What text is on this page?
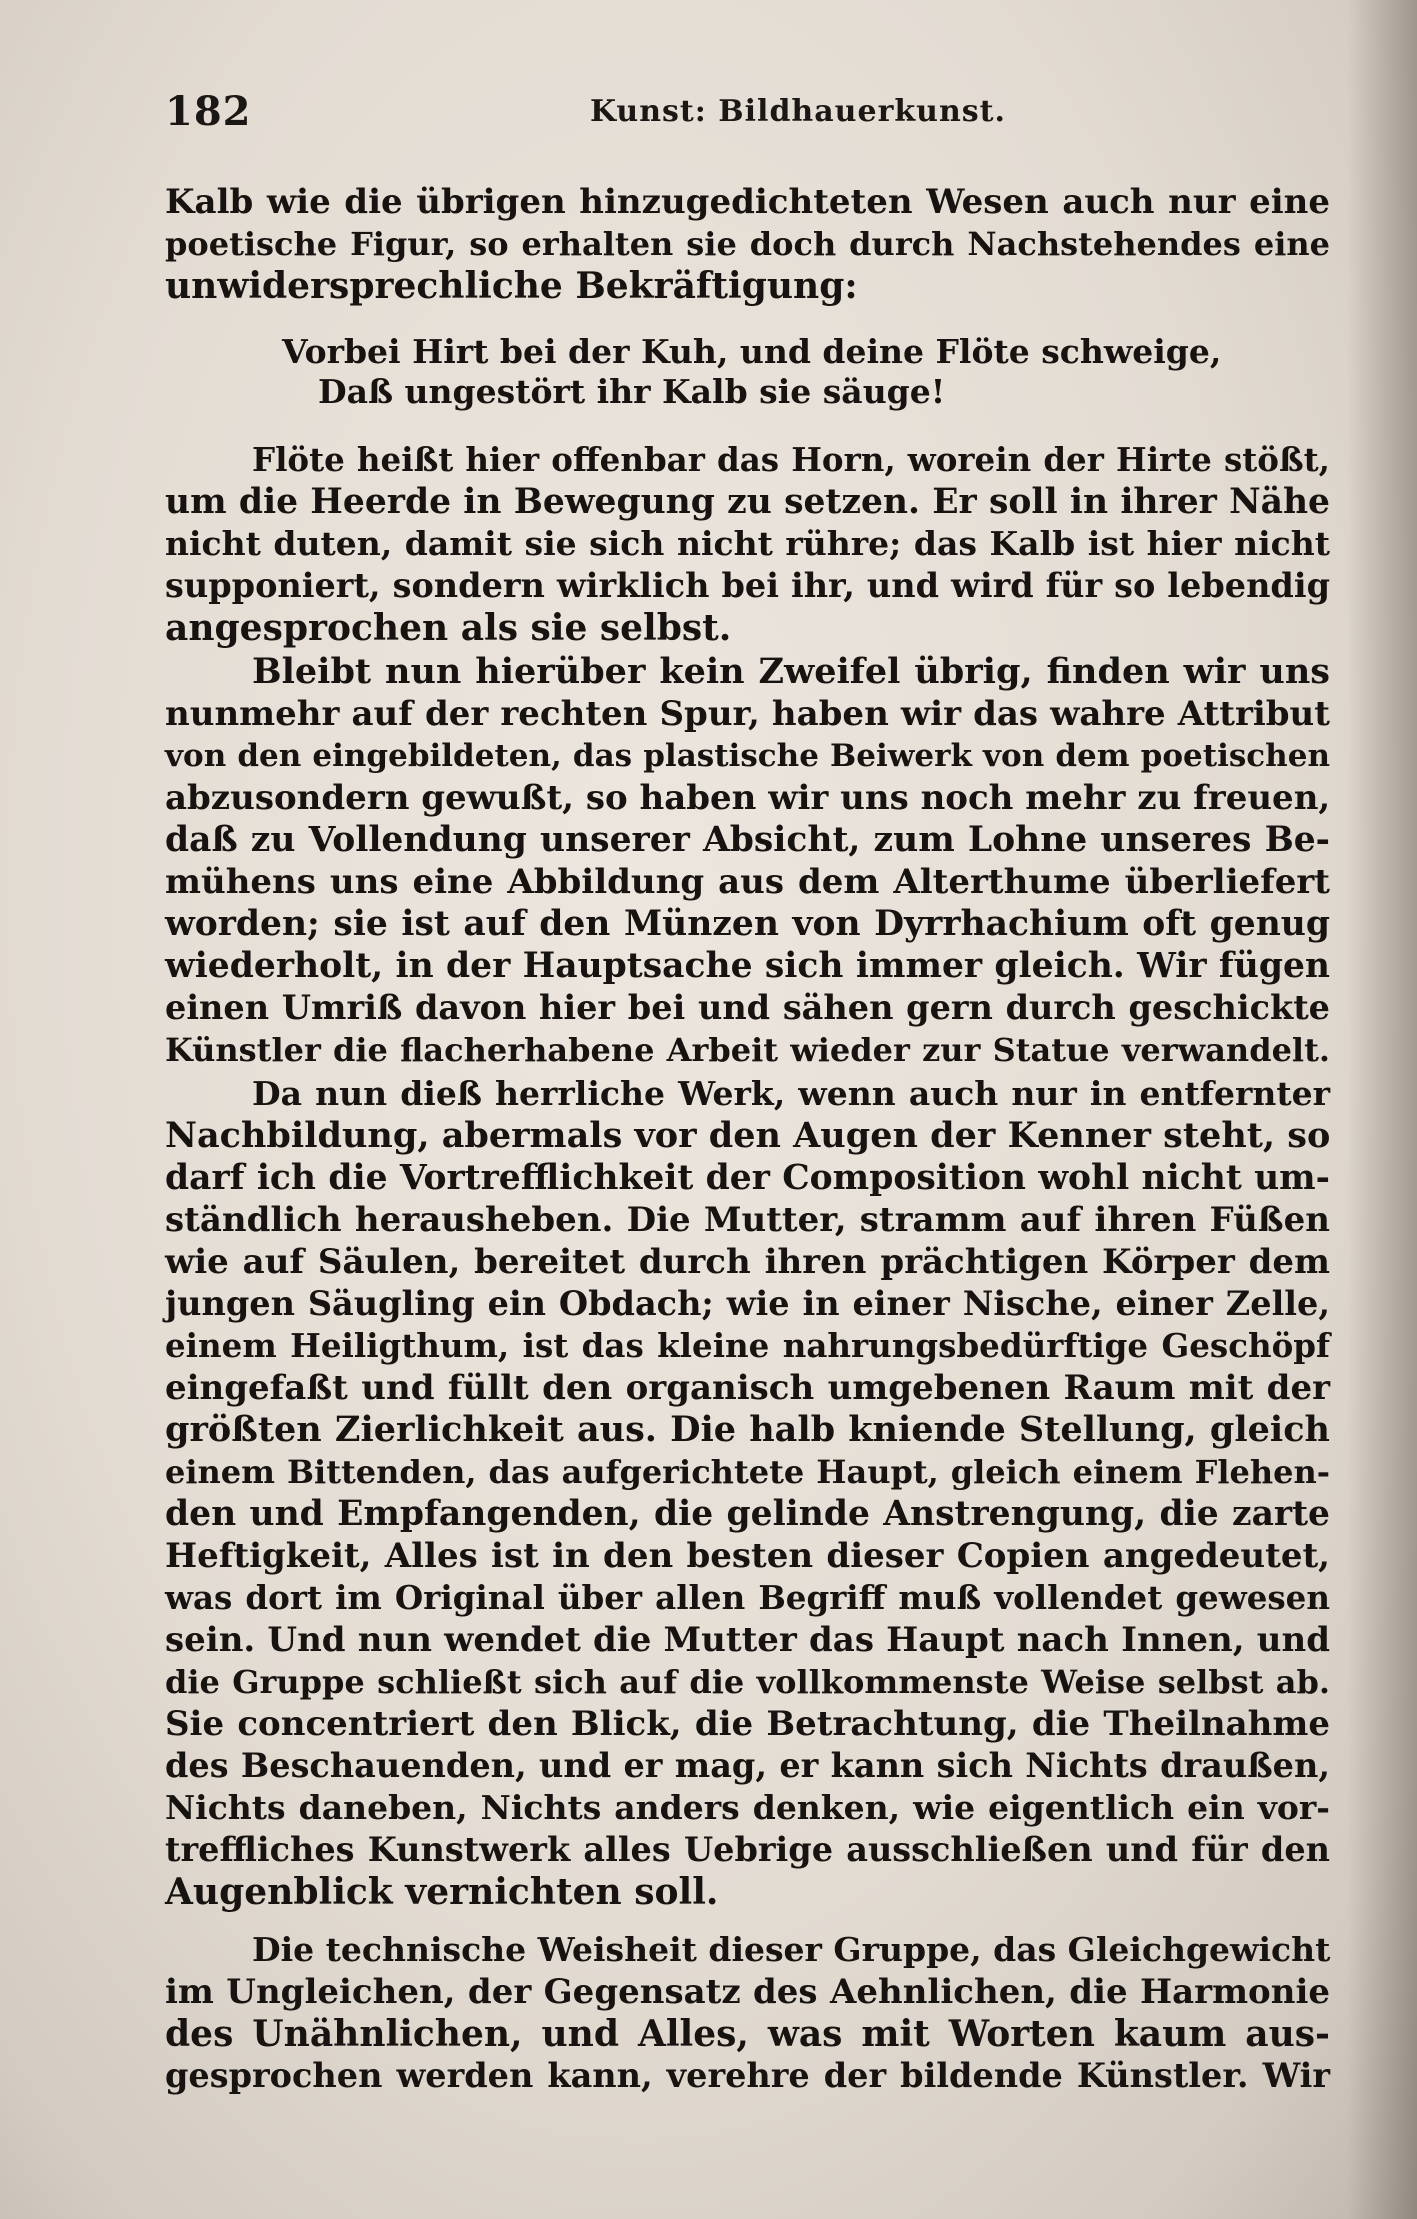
182	Kunst: Bildhauerkunst.
Kalb wie die übrigen hinzugedichteten Wesen auch nur eine
poetische Figur, so erhalten sie doch durch Nachstehendes eine
unwidersprechliche Bekräftigung:
Vorbei Hirt bei der Kuh, und deine Flöte schweige,
Daß ungestört ihr Kalb sie säuge!
Flöte heißt hier offenbar das Horn, worein der Hirte stößt,
um die Heerde in Bewegung zu setzen. Er soll in ihrer Nähe
nicht duten, damit sie sich nicht rühre; das Kalb ist hier nicht
supponiert, sondern wirklich bei ihr, und wird für so lebendig
angesprochen als sie selbst.
Bleibt nun hierüber kein Zweifel übrig, finden wir uns
nunmehr auf der rechten Spur, haben wir das wahre Attribut
von den eingebildeten, das plastische Beiwerk von dem poetischen
abzusondern gewußt, so haben wir uns noch mehr zu freuen,
daß zu Vollendung unserer Absicht, zum Lohne unseres Be-
mühens uns eine Abbildung aus dem Alterthume überliefert
worden; sie ist auf den Münzen von Dyrrhachium oft genug
wiederholt, in der Hauptsache sich immer gleich. Wir fügen
einen Umriß davon hier bei und sähen gern durch geschickte
Künstler die flacherhabene Arbeit wieder zur Statue verwandelt.
Da nun dieß herrliche Werk, wenn auch nur in entfernter
Nachbildung, abermals vor den Augen der Kenner steht, so
darf ich die Vortrefflichkeit der Composition wohl nicht um-
ständlich herausheben. Die Mutter, stramm auf ihren Füßen
wie auf Säulen, bereitet durch ihren prächtigen Körper dem
jungen Säugling ein Obdach; wie in einer Nische, einer Zelle,
einem Heiligthum, ist das kleine nahrungsbedürftige Geschöpf
eingefaßt und füllt den organisch umgebenen Raum mit der
größten Zierlichkeit aus. Die halb kniende Stellung, gleich
einem Bittenden, das aufgerichtete Haupt, gleich einem Flehen-
den und Empfangenden, die gelinde Anstrengung, die zarte
Heftigkeit, Alles ist in den besten dieser Copien angedeutet,
was dort im Original über allen Begriff muß vollendet gewesen
sein. Und nun wendet die Mutter das Haupt nach Innen, und
die Gruppe schließt sich auf die vollkommenste Weise selbst ab.
Sie concentriert den Blick, die Betrachtung, die Theilnahme
des Beschauenden, und er mag, er kann sich Nichts draußen,
Nichts daneben, Nichts anders denken, wie eigentlich ein vor-
treffliches Kunstwerk alles Uebrige ausschließen und für den
Augenblick vernichten soll.
Die technische Weisheit dieser Gruppe, das Gleichgewicht
im Ungleichen, der Gegensatz des Aehnlichen, die Harmonie
des Unähnlichen, und Alles, was mit Worten kaum aus-
gesprochen werden kann, verehre der bildende Künstler. Wir
